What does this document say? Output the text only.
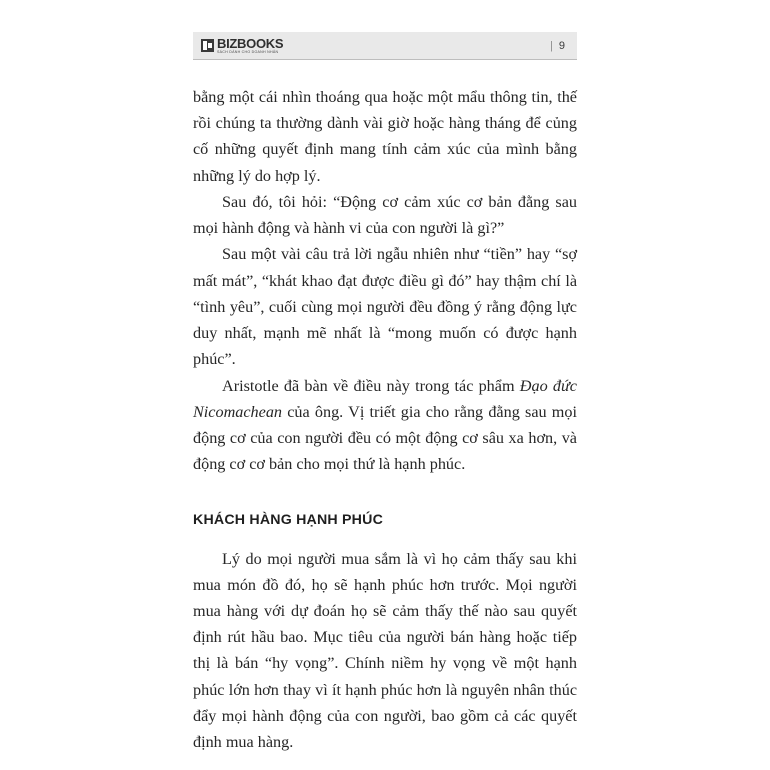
BIZBOOKS
SÁCH DÀNH CHO DOANH NHÂN
| 9

bằng một cái nhìn thoáng qua hoặc một mẩu thông tin, thế rồi chúng ta thường dành vài giờ hoặc hàng tháng để củng cố những quyết định mang tính cảm xúc của mình bằng những lý do hợp lý.

Sau đó, tôi hỏi: “Động cơ cảm xúc cơ bản đằng sau mọi hành động và hành vi của con người là gì?”

Sau một vài câu trả lời ngẫu nhiên như “tiền” hay “sợ mất mát”, “khát khao đạt được điều gì đó” hay thậm chí là “tình yêu”, cuối cùng mọi người đều đồng ý rằng động lực duy nhất, mạnh mẽ nhất là “mong muốn có được hạnh phúc”.

Aristotle đã bàn về điều này trong tác phẩm Đạo đức Nicomachean của ông. Vị triết gia cho rằng đằng sau mọi động cơ của con người đều có một động cơ sâu xa hơn, và động cơ cơ bản cho mọi thứ là hạnh phúc.

KHÁCH HÀNG HẠNH PHÚC

Lý do mọi người mua sắm là vì họ cảm thấy sau khi mua món đồ đó, họ sẽ hạnh phúc hơn trước. Mọi người mua hàng với dự đoán họ sẽ cảm thấy thế nào sau quyết định rút hầu bao. Mục tiêu của người bán hàng hoặc tiếp thị là bán “hy vọng”. Chính niềm hy vọng về một hạnh phúc lớn hơn thay vì ít hạnh phúc hơn là nguyên nhân thúc đẩy mọi hành động của con người, bao gồm cả các quyết định mua hàng.
